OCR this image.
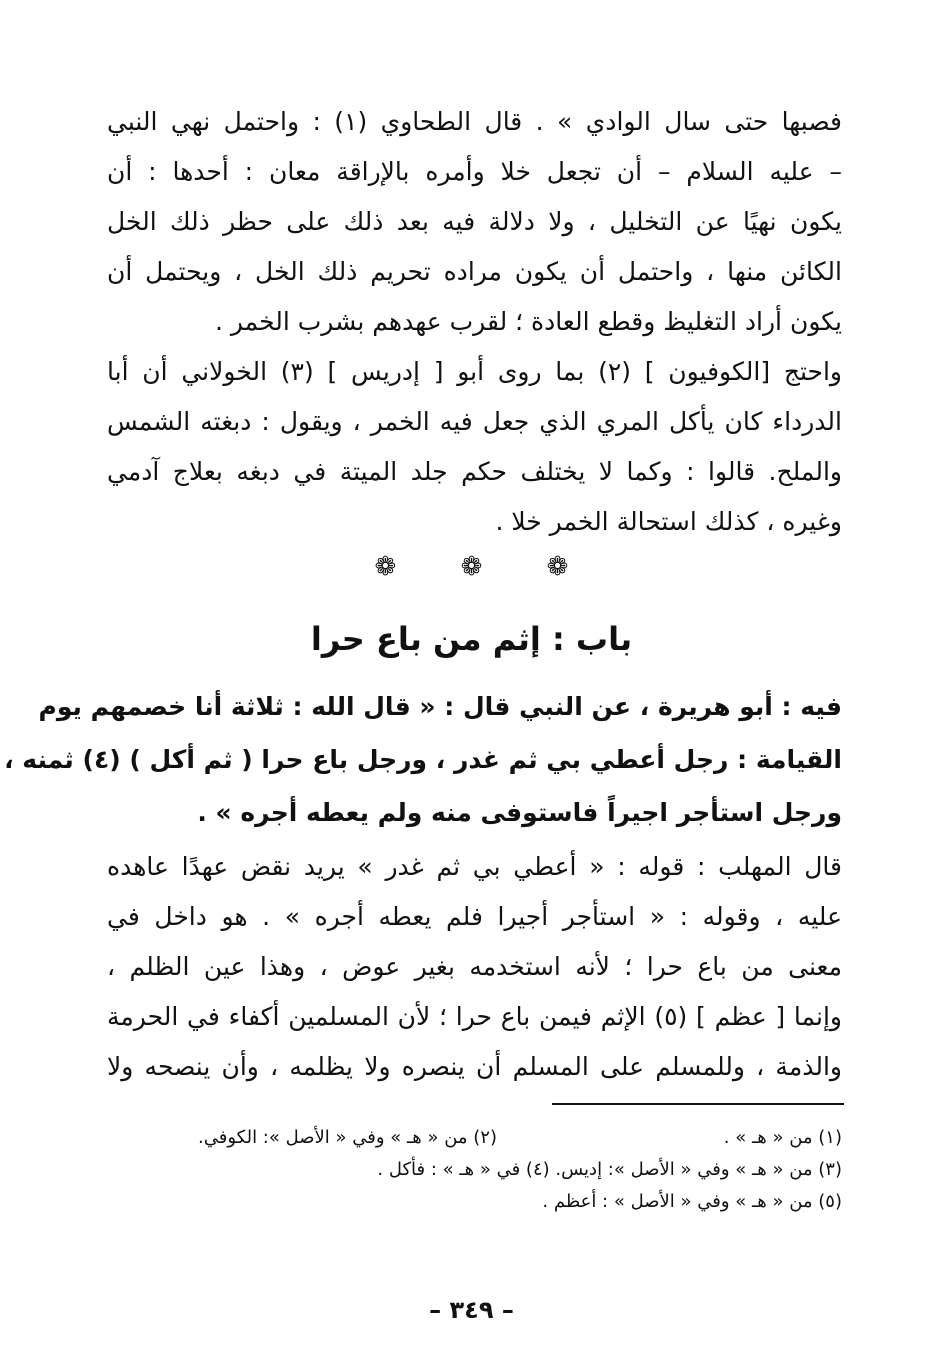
فصبها حتى سال الوادي » . قال الطحاوي (١) : واحتمل نهي النبي
– عليه السلام – أن تجعل خلا وأمره بالإراقة معان : أحدها : أن
يكون نهيًا عن التخليل ، ولا دلالة فيه بعد ذلك على حظر ذلك الخل
الكائن منها ، واحتمل أن يكون مراده تحريم ذلك الخل ، ويحتمل أن
يكون أراد التغليظ وقطع العادة ؛ لقرب عهدهم بشرب الخمر .
واحتج [الكوفيون ] (٢) بما روى أبو [ إدريس ] (٣) الخولاني أن أبا
الدرداء كان يأكل المري الذي جعل فيه الخمر ، ويقول : دبغته الشمس
والملح. قالوا : وكما لا يختلف حكم جلد الميتة في دبغه بعلاج آدمي
وغيره ، كذلك استحالة الخمر خلا .
❁ ❁ ❁
باب : إثم من باع حرا
فيه : أبو هريرة ، عن النبي قال : « قال الله : ثلاثة أنا خصمهم يوم
القيامة : رجل أعطي بي ثم غدر ، ورجل باع حرا ( ثم أكل ) (٤) ثمنه ،
ورجل استأجر اجيراً فاستوفى منه ولم يعطه أجره » .
قال المهلب : قوله : « أعطي بي ثم غدر » يريد نقض عهدًا عاهده
عليه ، وقوله : « استأجر أجيرا فلم يعطه أجره » . هو داخل في
معنى من باع حرا ؛ لأنه استخدمه بغير عوض ، وهذا عين الظلم ،
وإنما [ عظم ] (٥) الإثم فيمن باع حرا ؛ لأن المسلمين أكفاء في الحرمة
والذمة ، وللمسلم على المسلم أن ينصره ولا يظلمه ، وأن ينصحه ولا
(١) من « هـ » .
(٢) من « هـ » وفي « الأصل »: الكوفي.
(٣) من « هـ » وفي « الأصل »: إديس. (٤) في « هـ » : فأكل .
(٥) من « هـ » وفي « الأصل » : أعظم .
– ٣٤٩ –
